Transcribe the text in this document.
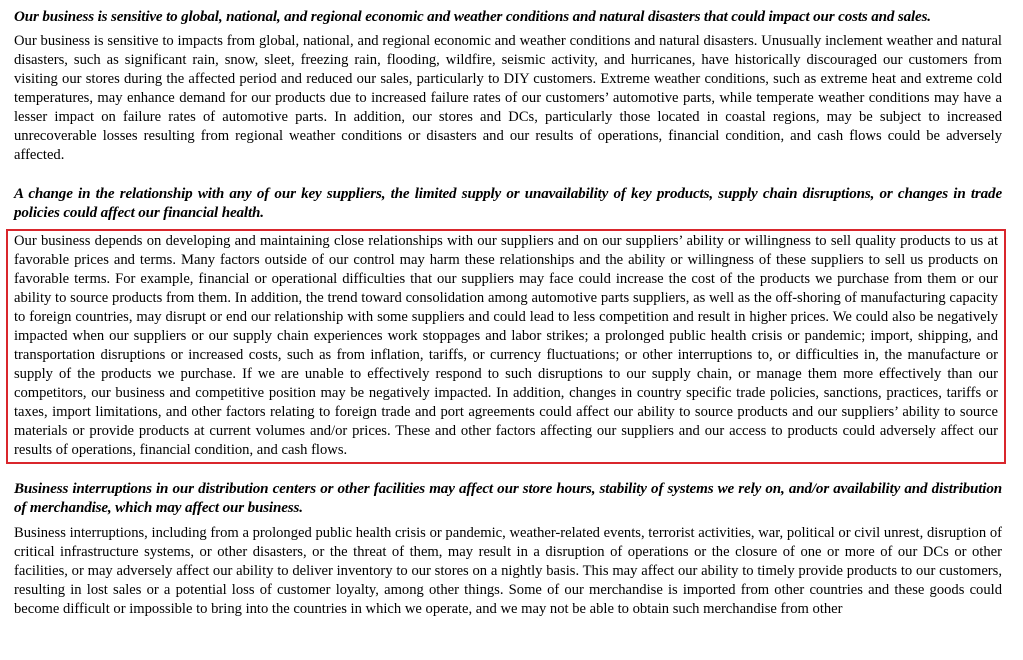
Our business is sensitive to global, national, and regional economic and weather conditions and natural disasters that could impact our costs and sales.

Our business is sensitive to impacts from global, national, and regional economic and weather conditions and natural disasters. Unusually inclement weather and natural disasters, such as significant rain, snow, sleet, freezing rain, flooding, wildfire, seismic activity, and hurricanes, have historically discouraged our customers from visiting our stores during the affected period and reduced our sales, particularly to DIY customers. Extreme weather conditions, such as extreme heat and extreme cold temperatures, may enhance demand for our products due to increased failure rates of our customers’ automotive parts, while temperate weather conditions may have a lesser impact on failure rates of automotive parts. In addition, our stores and DCs, particularly those located in coastal regions, may be subject to increased unrecoverable losses resulting from regional weather conditions or disasters and our results of operations, financial condition, and cash flows could be adversely affected.

A change in the relationship with any of our key suppliers, the limited supply or unavailability of key products, supply chain disruptions, or changes in trade policies could affect our financial health.

Our business depends on developing and maintaining close relationships with our suppliers and on our suppliers’ ability or willingness to sell quality products to us at favorable prices and terms. Many factors outside of our control may harm these relationships and the ability or willingness of these suppliers to sell us products on favorable terms. For example, financial or operational difficulties that our suppliers may face could increase the cost of the products we purchase from them or our ability to source products from them. In addition, the trend toward consolidation among automotive parts suppliers, as well as the off-shoring of manufacturing capacity to foreign countries, may disrupt or end our relationship with some suppliers and could lead to less competition and result in higher prices. We could also be negatively impacted when our suppliers or our supply chain experiences work stoppages and labor strikes; a prolonged public health crisis or pandemic; import, shipping, and transportation disruptions or increased costs, such as from inflation, tariffs, or currency fluctuations; or other interruptions to, or difficulties in, the manufacture or supply of the products we purchase. If we are unable to effectively respond to such disruptions to our supply chain, or manage them more effectively than our competitors, our business and competitive position may be negatively impacted. In addition, changes in country specific trade policies, sanctions, practices, tariffs or taxes, import limitations, and other factors relating to foreign trade and port agreements could affect our ability to source products and our suppliers’ ability to source materials or provide products at current volumes and/or prices. These and other factors affecting our suppliers and our access to products could adversely affect our results of operations, financial condition, and cash flows.

Business interruptions in our distribution centers or other facilities may affect our store hours, stability of systems we rely on, and/or availability and distribution of merchandise, which may affect our business.

Business interruptions, including from a prolonged public health crisis or pandemic, weather-related events, terrorist activities, war, political or civil unrest, disruption of critical infrastructure systems, or other disasters, or the threat of them, may result in a disruption of operations or the closure of one or more of our DCs or other facilities, or may adversely affect our ability to deliver inventory to our stores on a nightly basis. This may affect our ability to timely provide products to our customers, resulting in lost sales or a potential loss of customer loyalty, among other things. Some of our merchandise is imported from other countries and these goods could become difficult or impossible to bring into the countries in which we operate, and we may not be able to obtain such merchandise from other
